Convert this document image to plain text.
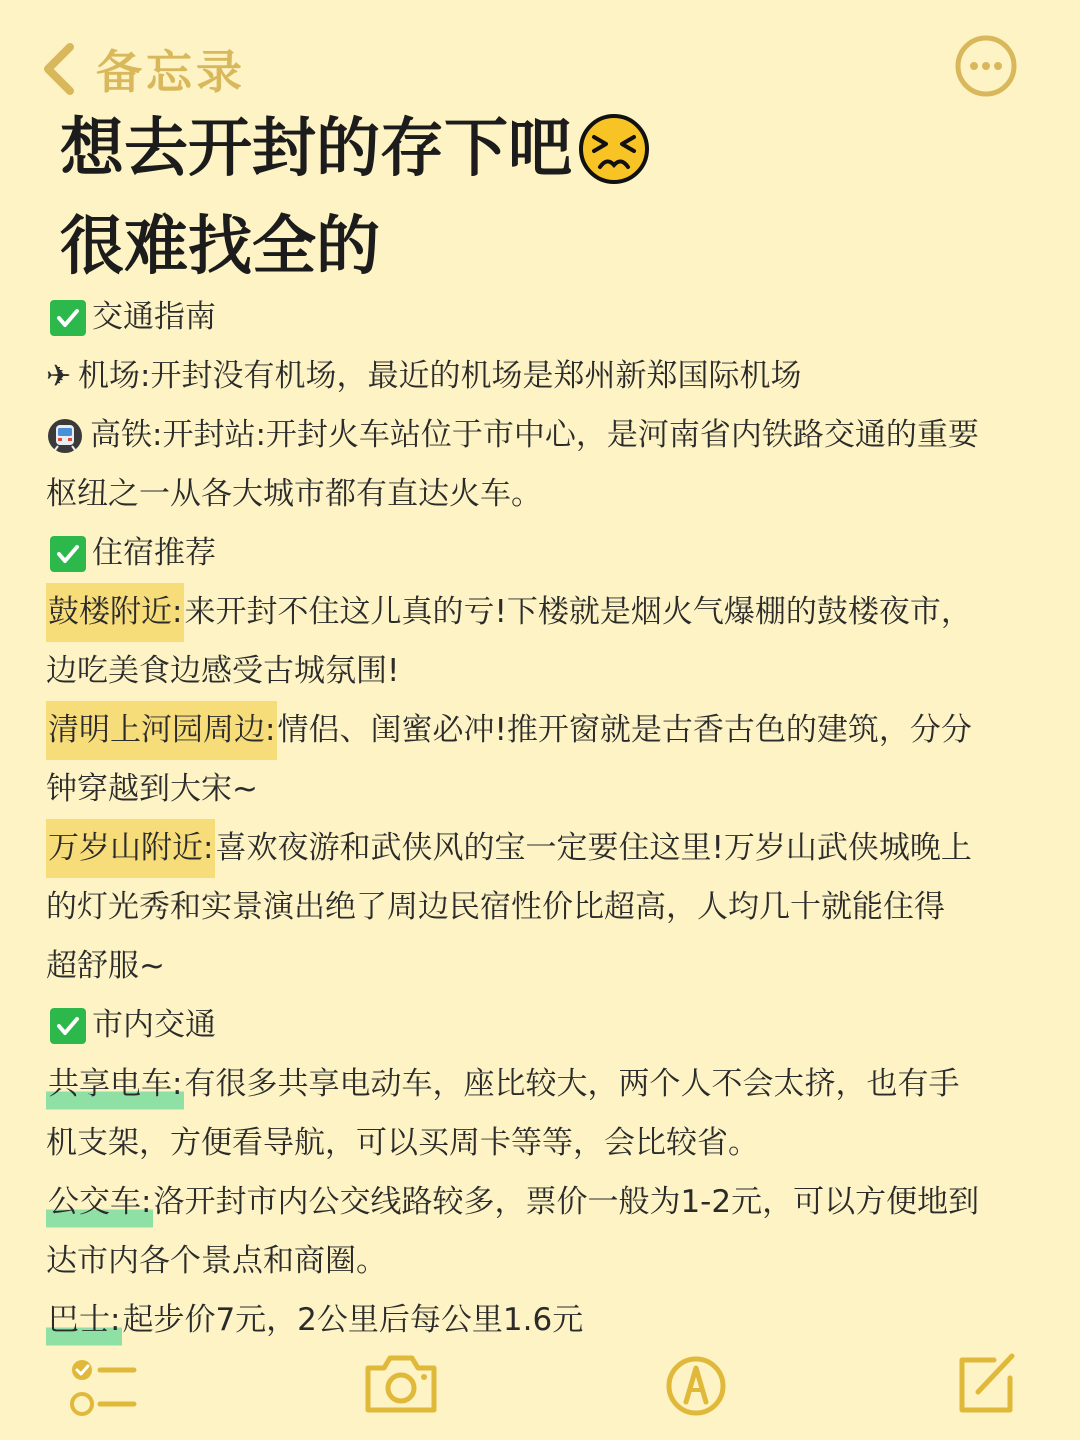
备忘录
想去开封的存下吧
很难找全的
交通指南
✈ 机场:开封没有机场，最近的机场是郑州新郑国际机场
高铁:开封站:开封火车站位于市中心，是河南省内铁路交通的重要
枢纽之一从各大城市都有直达火车。
住宿推荐
鼓楼附近: 来开封不住这儿真的亏!下楼就是烟火气爆棚的鼓楼夜市，
边吃美食边感受古城氛围!
清明上河园周边: 情侣、闺蜜必冲!推开窗就是古香古色的建筑，分分
钟穿越到大宋~
万岁山附近: 喜欢夜游和武侠风的宝一定要住这里!万岁山武侠城晚上
的灯光秀和实景演出绝了周边民宿性价比超高，人均几十就能住得
超舒服~
市内交通
共享电车: 有很多共享电动车，座比较大，两个人不会太挤，也有手
机支架，方便看导航，可以买周卡等等，会比较省。
公交车: 洛开封市内公交线路较多，票价一般为1-2元，可以方便地到
达市内各个景点和商圈。
巴士: 起步价7元，2公里后每公里1.6元
